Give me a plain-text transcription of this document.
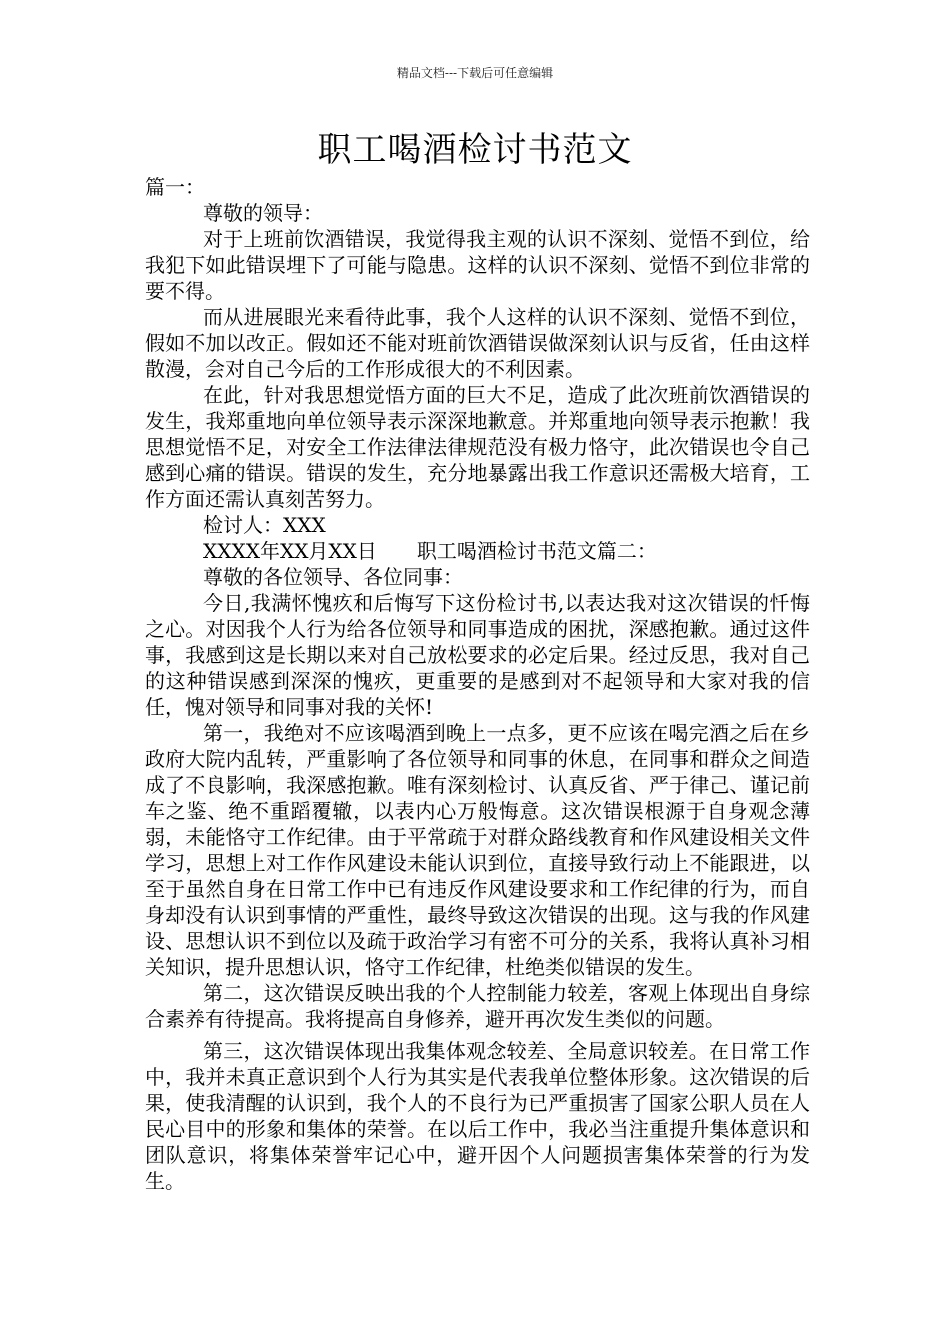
精品文档---下载后可任意编辑
职工喝酒检讨书范文

篇一：

尊敬的领导：

对于上班前饮酒错误，我觉得我主观的认识不深刻、觉悟不到位，给我犯下如此错误埋下了可能与隐患。这样的认识不深刻、觉悟不到位非常的要不得。

而从进展眼光来看待此事，我个人这样的认识不深刻、觉悟不到位，假如不加以改正。假如还不能对班前饮酒错误做深刻认识与反省，任由这样散漫，会对自己今后的工作形成很大的不利因素。

在此，针对我思想觉悟方面的巨大不足，造成了此次班前饮酒错误的发生，我郑重地向单位领导表示深深地歉意。并郑重地向领导表示抱歉！我思想觉悟不足，对安全工作法律法律规范没有极力恪守，此次错误也令自己感到心痛的错误。错误的发生，充分地暴露出我工作意识还需极大培育，工作方面还需认真刻苦努力。

检讨人：XXX

XXXX年XX月XX日　　职工喝酒检讨书范文篇二：

尊敬的各位领导、各位同事：

今日,我满怀愧疚和后悔写下这份检讨书,以表达我对这次错误的忏悔之心。对因我个人行为给各位领导和同事造成的困扰，深感抱歉。通过这件事，我感到这是长期以来对自己放松要求的必定后果。经过反思，我对自己的这种错误感到深深的愧疚，更重要的是感到对不起领导和大家对我的信任，愧对领导和同事对我的关怀!

第一，我绝对不应该喝酒到晚上一点多，更不应该在喝完酒之后在乡政府大院内乱转，严重影响了各位领导和同事的休息，在同事和群众之间造成了不良影响，我深感抱歉。唯有深刻检讨、认真反省、严于律己、谨记前车之鉴、绝不重蹈覆辙，以表内心万般悔意。这次错误根源于自身观念薄弱，未能恪守工作纪律。由于平常疏于对群众路线教育和作风建设相关文件学习，思想上对工作作风建设未能认识到位，直接导致行动上不能跟进，以至于虽然自身在日常工作中已有违反作风建设要求和工作纪律的行为，而自身却没有认识到事情的严重性，最终导致这次错误的出现。这与我的作风建设、思想认识不到位以及疏于政治学习有密不可分的关系，我将认真补习相关知识，提升思想认识，恪守工作纪律，杜绝类似错误的发生。

第二，这次错误反映出我的个人控制能力较差，客观上体现出自身综合素养有待提高。我将提高自身修养，避开再次发生类似的问题。

第三，这次错误体现出我集体观念较差、全局意识较差。在日常工作中，我并未真正意识到个人行为其实是代表我单位整体形象。这次错误的后果，使我清醒的认识到，我个人的不良行为已严重损害了国家公职人员在人民心目中的形象和集体的荣誉。在以后工作中，我必当注重提升集体意识和团队意识，将集体荣誉牢记心中，避开因个人问题损害集体荣誉的行为发生。
